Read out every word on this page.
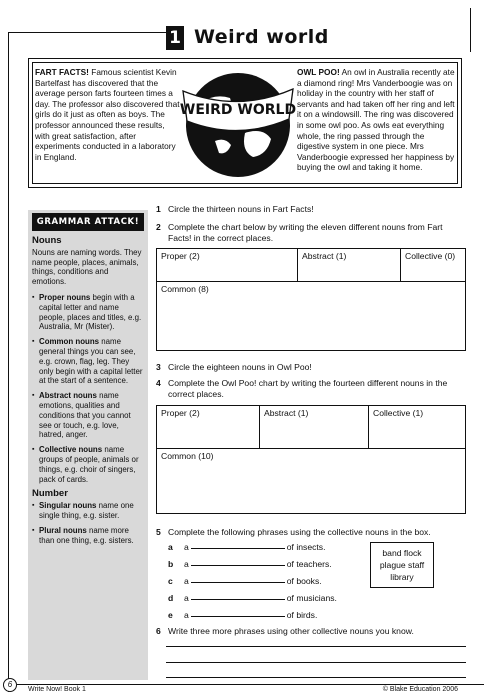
1 Weird world
FART FACTS! Famous scientist Kevin Bartelfast has discovered that the average person farts fourteen times a day. The professor also discovered that girls do it just as often as boys. The professor announced these results, with great satisfaction, after experiments conducted in a laboratory in England.
WEIRD WORLD
OWL POO! An owl in Australia recently ate a diamond ring! Mrs Vanderboogie was on holiday in the country with her staff of servants and had taken off her ring and left it on a windowsill. The ring was discovered in some owl poo. As owls eat everything whole, the ring passed through the digestive system in one piece. Mrs Vanderboogie expressed her happiness by buying the owl and taking it home.
GRAMMAR ATTACK!
Nouns

Nouns are naming words. They name people, places, animals, things, conditions and emotions.

▪ Proper nouns begin with a capital letter and name people, places and titles, e.g. Australia, Mr (Mister).
▪ Common nouns name general things you can see, e.g. crown, flag, leg. They only begin with a capital letter at the start of a sentence.
▪ Abstract nouns name emotions, qualities and conditions that you cannot see or touch, e.g. love, hatred, anger.
▪ Collective nouns name groups of people, animals or things, e.g. choir of singers, pack of cards.
Number
▪ Singular nouns name one single thing, e.g. sister.
▪ Plural nouns name more than one thing, e.g. sisters.
1 Circle the thirteen nouns in Fart Facts!
2 Complete the chart below by writing the eleven different nouns from Fart Facts! in the correct places.
Proper (2)	Abstract (1)	Collective (0)
Common (8)
3 Circle the eighteen nouns in Owl Poo!
4 Complete the Owl Poo! chart by writing the fourteen different nouns in the correct places.
Proper (2)	Abstract (1)	Collective (1)
Common (10)
5 Complete the following phrases using the collective nouns in the box.
a a	of insects.
b a	of teachers.
c a	of books.
d a	of musicians.
e a	of birds.
band flock
plague staff
library
6 Write three more phrases using other collective nouns you know.
6
Write Now! Book 1	© Blake Education 2006
